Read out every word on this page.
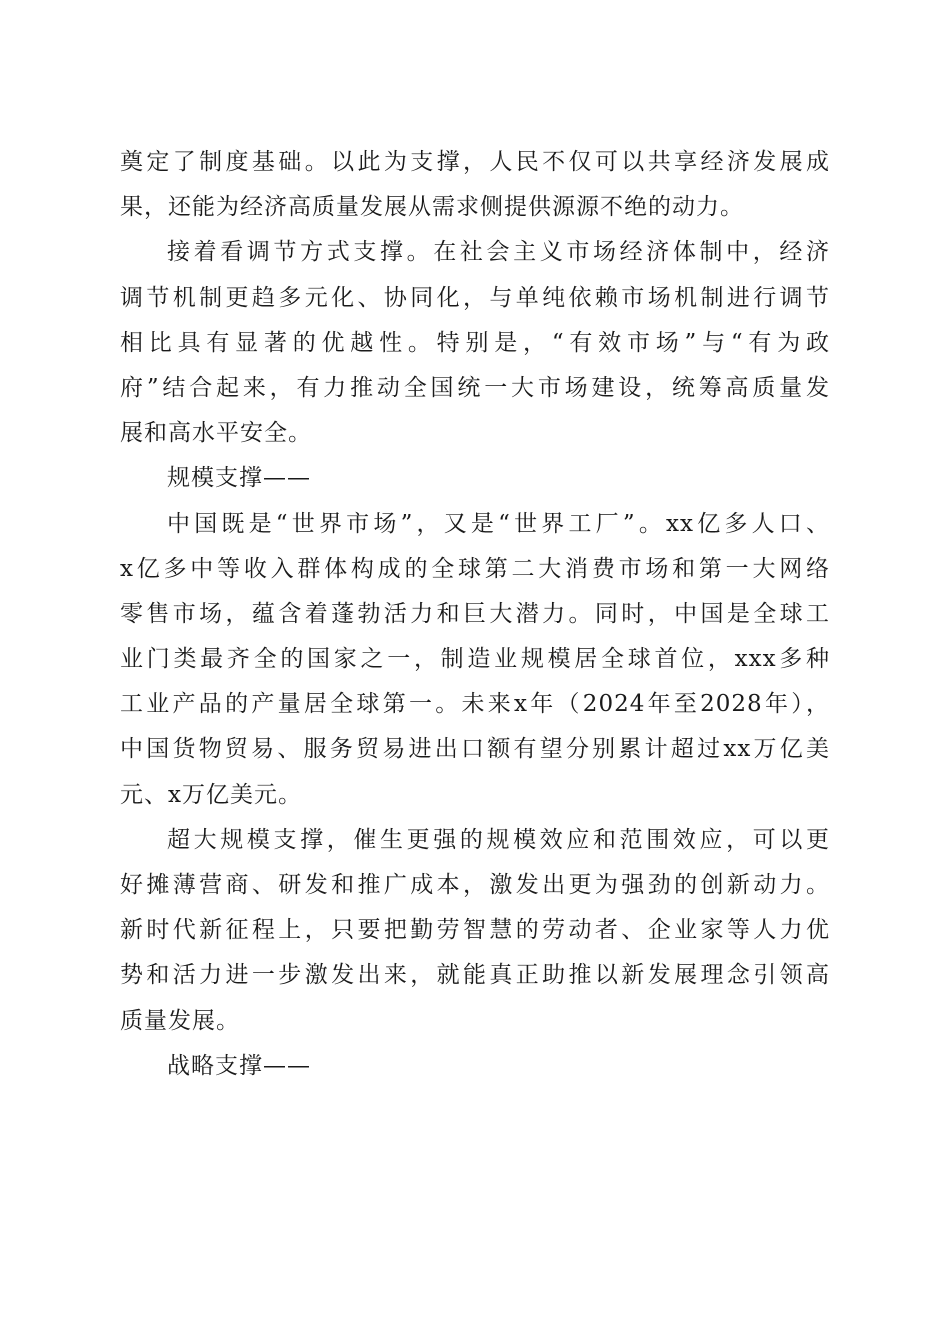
奠定了制度基础。以此为支撑，人民不仅可以共享经济发展成
果，还能为经济高质量发展从需求侧提供源源不绝的动力。
接着看调节方式支撑。在社会主义市场经济体制中，经济
调节机制更趋多元化、协同化，与单纯依赖市场机制进行调节
相比具有显著的优越性。特别是，“有效市场”与“有为政
府”结合起来，有力推动全国统一大市场建设，统筹高质量发
展和高水平安全。
规模支撑——
中国既是“世界市场”，又是“世界工厂”。xx亿多人口、
x亿多中等收入群体构成的全球第二大消费市场和第一大网络
零售市场，蕴含着蓬勃活力和巨大潜力。同时，中国是全球工
业门类最齐全的国家之一，制造业规模居全球首位，xxx多种
工业产品的产量居全球第一。未来x年（2024年至2028年），
中国货物贸易、服务贸易进出口额有望分别累计超过xx万亿美
元、x万亿美元。
超大规模支撑，催生更强的规模效应和范围效应，可以更
好摊薄营商、研发和推广成本，激发出更为强劲的创新动力。
新时代新征程上，只要把勤劳智慧的劳动者、企业家等人力优
势和活力进一步激发出来，就能真正助推以新发展理念引领高
质量发展。
战略支撑——
